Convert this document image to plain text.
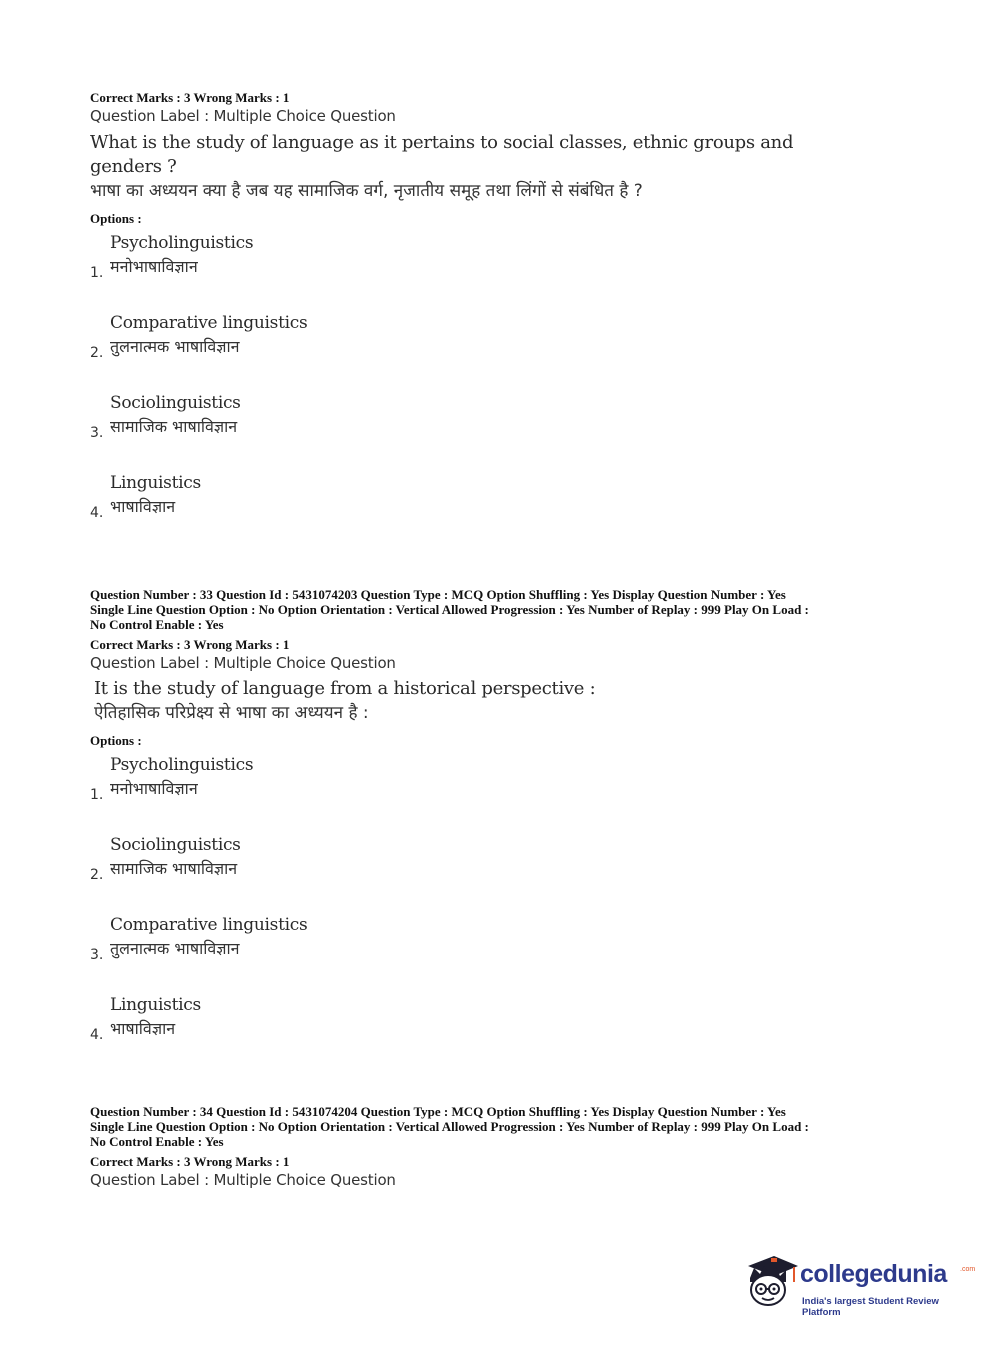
Correct Marks : 3 Wrong Marks : 1
Question Label : Multiple Choice Question
What is the study of language as it pertains to social classes, ethnic groups and
genders ?
भाषा का अध्ययन क्या है जब यह सामाजिक वर्ग, नृजातीय समूह तथा लिंगों से संबंधित है ?
Options :
1.
Psycholinguistics
मनोभाषाविज्ञान
2.
Comparative linguistics
तुलनात्मक भाषाविज्ञान
3.
Sociolinguistics
सामाजिक भाषाविज्ञान
4.
Linguistics
भाषाविज्ञान
Question Number : 33 Question Id : 5431074203 Question Type : MCQ Option Shuffling : Yes Display Question Number : Yes
Single Line Question Option : No Option Orientation : Vertical Allowed Progression : Yes Number of Replay : 999 Play On Load :
No Control Enable : Yes
Correct Marks : 3 Wrong Marks : 1
Question Label : Multiple Choice Question
It is the study of language from a historical perspective :
ऐतिहासिक परिप्रेक्ष्य से भाषा का अध्ययन है :
Options :
1.
Psycholinguistics
मनोभाषाविज्ञान
2.
Sociolinguistics
सामाजिक भाषाविज्ञान
3.
Comparative linguistics
तुलनात्मक भाषाविज्ञान
4.
Linguistics
भाषाविज्ञान
Question Number : 34 Question Id : 5431074204 Question Type : MCQ Option Shuffling : Yes Display Question Number : Yes
Single Line Question Option : No Option Orientation : Vertical Allowed Progression : Yes Number of Replay : 999 Play On Load :
No Control Enable : Yes
Correct Marks : 3 Wrong Marks : 1
Question Label : Multiple Choice Question
collegedunia .com
India's largest Student Review Platform
